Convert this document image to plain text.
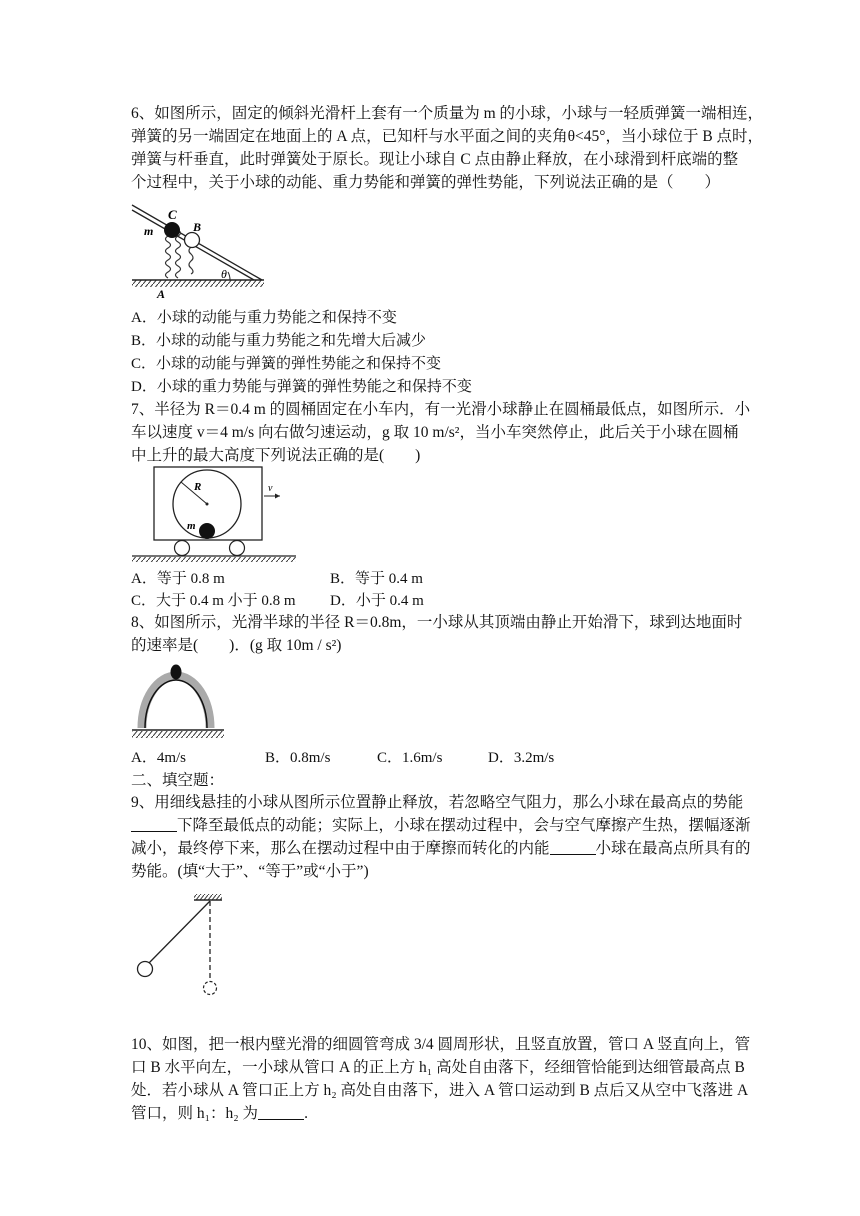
6、如图所示，固定的倾斜光滑杆上套有一个质量为 m 的小球，小球与一轻质弹簧一端相连，
弹簧的另一端固定在地面上的 A 点，已知杆与水平面之间的夹角θ<45°，当小球位于 B 点时，
弹簧与杆垂直，此时弹簧处于原长。现让小球自 C 点由静止释放，在小球滑到杆底端的整
个过程中，关于小球的动能、重力势能和弹簧的弹性势能，下列说法正确的是（　　）
C
m	B
θ
A
A．小球的动能与重力势能之和保持不变
B．小球的动能与重力势能之和先增大后减少
C．小球的动能与弹簧的弹性势能之和保持不变
D．小球的重力势能与弹簧的弹性势能之和保持不变
7、半径为 R＝0.4 m 的圆桶固定在小车内，有一光滑小球静止在圆桶最低点，如图所示．小
车以速度 v＝4 m/s 向右做匀速运动，g 取 10 m/s²，当小车突然停止，此后关于小球在圆桶
中上升的最大高度下列说法正确的是(　　)
R
m
v
A．等于 0.8 m	B．等于 0.4 m
C．大于 0.4 m 小于 0.8 m D．小于 0.4 m
8、如图所示，光滑半球的半径 R＝0.8m，一小球从其顶端由静止开始滑下，球到达地面时
的速率是(　　)．(g 取 10m / s²)
A．4m/s	B．0.8m/s	C．1.6m/s	D．3.2m/s
二、填空题：
9、用细线悬挂的小球从图所示位置静止释放，若忽略空气阻力，那么小球在最高点的势能
下降至最低点的动能；实际上，小球在摆动过程中，会与空气摩擦产生热，摆幅逐渐
减小，最终停下来，那么在摆动过程中由于摩擦而转化的内能	小球在最高点所具有的
势能。(填“大于”、“等于”或“小于”)
10、如图，把一根内壁光滑的细圆管弯成 3/4 圆周形状，且竖直放置，管口 A 竖直向上，管
口 B 水平向左，一小球从管口 A 的正上方 h₁ 高处自由落下，经细管恰能到达细管最高点 B
处．若小球从 A 管口正上方 h₂ 高处自由落下，进入 A 管口运动到 B 点后又从空中飞落进 A
管口，则 h₁：h₂ 为	.
